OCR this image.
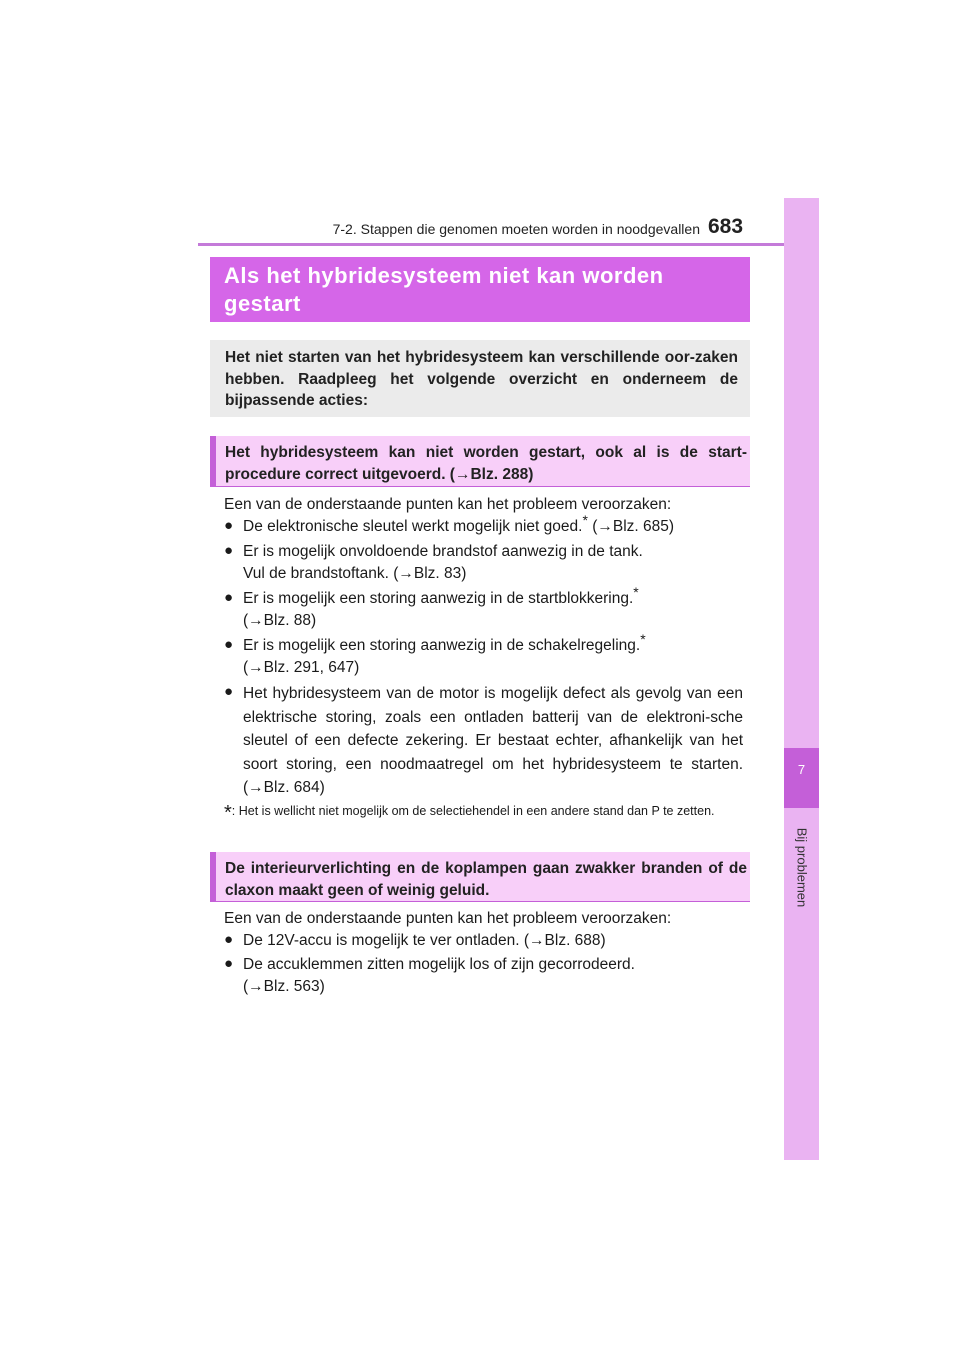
7-2. Stappen die genomen moeten worden in noodgevallen 683
7
Bij problemen
Als het hybridesysteem niet kan worden gestart
Het niet starten van het hybridesysteem kan verschillende oor-zaken hebben. Raadpleeg het volgende overzicht en onderneem de bijpassende acties:
Het hybridesysteem kan niet worden gestart, ook al is de start-procedure correct uitgevoerd. (→Blz. 288)
Een van de onderstaande punten kan het probleem veroorzaken:
● De elektronische sleutel werkt mogelijk niet goed.* (→Blz. 685)
● Er is mogelijk onvoldoende brandstof aanwezig in de tank.
Vul de brandstoftank. (→Blz. 83)
● Er is mogelijk een storing aanwezig in de startblokkering.*
(→Blz. 88)
● Er is mogelijk een storing aanwezig in de schakelregeling.*
(→Blz. 291, 647)
● Het hybridesysteem van de motor is mogelijk defect als gevolg van een elektrische storing, zoals een ontladen batterij van de elektroni-sche sleutel of een defecte zekering. Er bestaat echter, afhankelijk van het soort storing, een noodmaatregel om het hybridesysteem te starten. (→Blz. 684)
*: Het is wellicht niet mogelijk om de selectiehendel in een andere stand dan P te zetten.
De interieurverlichting en de koplampen gaan zwakker branden of de claxon maakt geen of weinig geluid.
Een van de onderstaande punten kan het probleem veroorzaken:
● De 12V-accu is mogelijk te ver ontladen. (→Blz. 688)
● De accuklemmen zitten mogelijk los of zijn gecorrodeerd.
(→Blz. 563)
